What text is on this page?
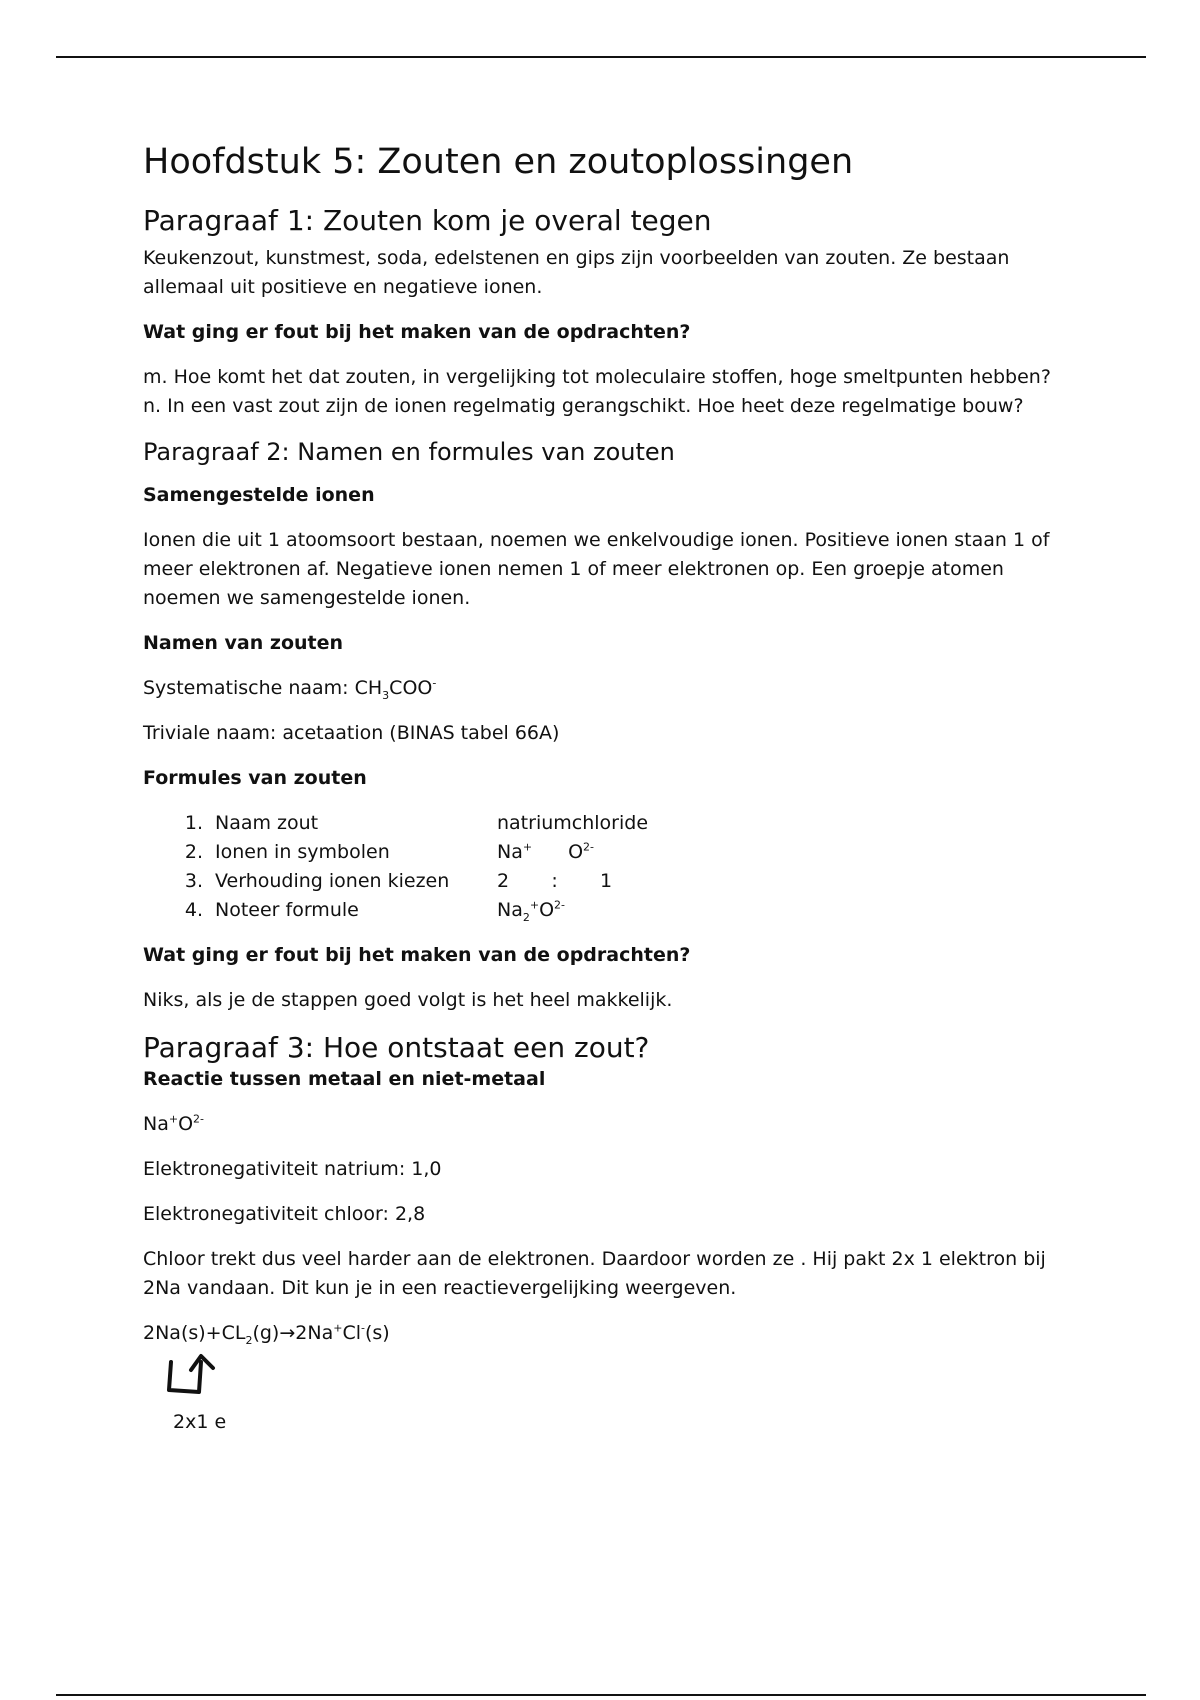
Hoofdstuk 5: Zouten en zoutoplossingen
Paragraaf 1: Zouten kom je overal tegen

Keukenzout, kunstmest, soda, edelstenen en gips zijn voorbeelden van zouten. Ze bestaan allemaal uit positieve en negatieve ionen.

Wat ging er fout bij het maken van de opdrachten?

m. Hoe komt het dat zouten, in vergelijking tot moleculaire stoffen, hoge smeltpunten hebben?
n. In een vast zout zijn de ionen regelmatig gerangschikt. Hoe heet deze regelmatige bouw?

Paragraaf 2: Namen en formules van zouten

Samengestelde ionen

Ionen die uit 1 atoomsoort bestaan, noemen we enkelvoudige ionen. Positieve ionen staan 1 of meer elektronen af. Negatieve ionen nemen 1 of meer elektronen op. Een groepje atomen noemen we samengestelde ionen.

Namen van zouten

Systematische naam: $CH_3COO^-$

Triviale naam: acetaation (BINAS tabel 66A)

Formules van zouten

1. Naam zout	natriumchloride
2. Ionen in symbolen	Na+ $O^{2-}$
3. Verhouding ionen kiezen	2       :       1
4. Noteer formule	$Na_2^+O^{2-}$

Wat ging er fout bij het maken van de opdrachten?

Niks, als je de stappen goed volgt is het heel makkelijk.

Paragraaf 3: Hoe ontstaat een zout?

Reactie tussen metaal en niet-metaal

$Na^+O^{2-}$

Elektronegativiteit natrium: 1,0

Elektronegativiteit chloor: 2,8

Chloor trekt dus veel harder aan de elektronen. Daardoor worden ze . Hij pakt 2x 1 elektron bij 2Na vandaan. Dit kun je in een reactievergelijking weergeven.

$2Na(s)+CL_2(g)\to 2Na^+Cl^-(s)$

2x1 e
